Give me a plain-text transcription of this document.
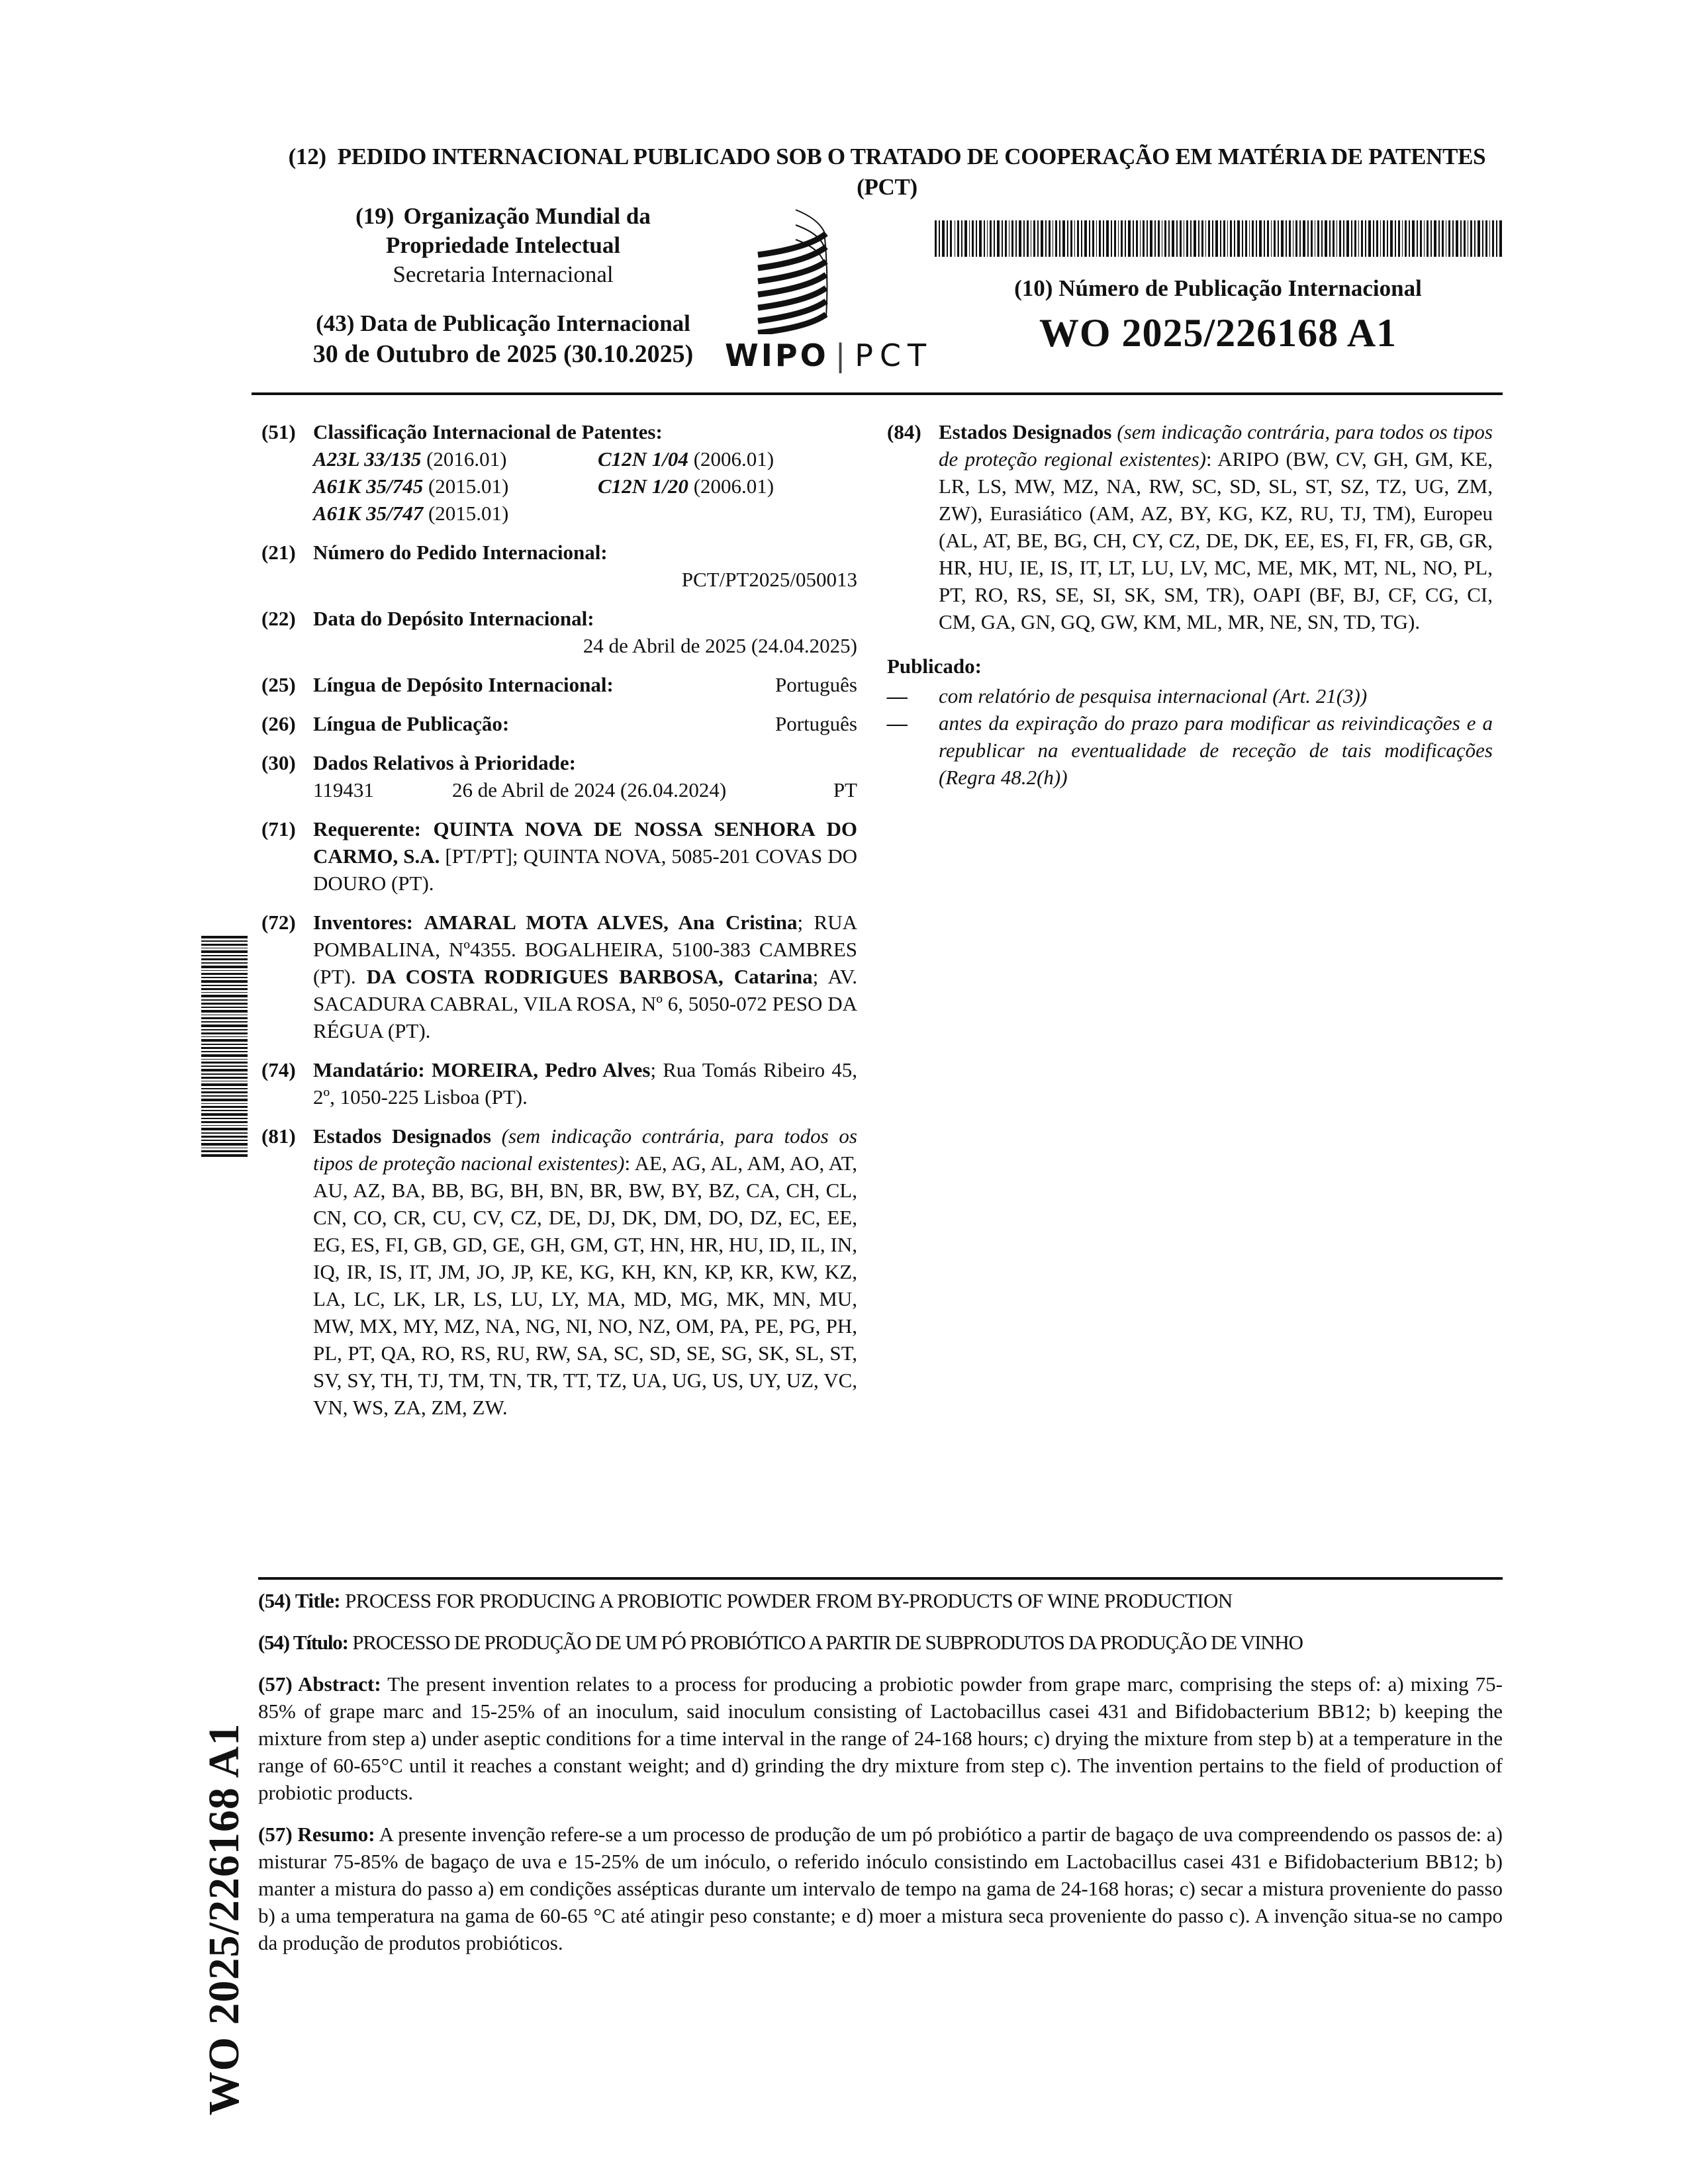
(12) PEDIDO INTERNACIONAL PUBLICADO SOB O TRATADO DE COOPERAÇÃO EM MATÉRIA DE PATENTES (PCT)
(19) Organização Mundial da
Propriedade Intelectual
Secretaria Internacional
(43) Data de Publicação Internacional
30 de Outubro de 2025 (30.10.2025)	WIPO | PCT
(10) Número de Publicação Internacional
WO 2025/226168 A1
(51) Classificação Internacional de Patentes:
A23L 33/135 (2016.01)	C12N 1/04 (2006.01)
A61K 35/745 (2015.01)	C12N 1/20 (2006.01)
A61K 35/747 (2015.01)
(21) Número do Pedido Internacional:
PCT/PT2025/050013
(22) Data do Depósito Internacional:
24 de Abril de 2025 (24.04.2025)
(25) Língua de Depósito Internacional:	Português
(26) Língua de Publicação:	Português
(30) Dados Relativos à Prioridade:
119431	26 de Abril de 2024 (26.04.2024)	PT
(71) Requerente: QUINTA NOVA DE NOSSA SENHORA DO CARMO, S.A. [PT/PT]; QUINTA NOVA, 5085-201 COVAS DO DOURO (PT).
(72) Inventores: AMARAL MOTA ALVES, Ana Cristina; RUA POMBALINA, Nº4355. BOGALHEIRA, 5100-383 CAMBRES (PT). DA COSTA RODRIGUES BARBOSA, Catarina; AV. SACADURA CABRAL, VILA ROSA, Nº 6, 5050-072 PESO DA RÉGUA (PT).
(74) Mandatário: MOREIRA, Pedro Alves; Rua Tomás Ribeiro 45, 2º, 1050-225 Lisboa (PT).
(81) Estados Designados (sem indicação contrária, para todos os tipos de proteção nacional existentes): AE, AG, AL, AM, AO, AT, AU, AZ, BA, BB, BG, BH, BN, BR, BW, BY, BZ, CA, CH, CL, CN, CO, CR, CU, CV, CZ, DE, DJ, DK, DM, DO, DZ, EC, EE, EG, ES, FI, GB, GD, GE, GH, GM, GT, HN, HR, HU, ID, IL, IN, IQ, IR, IS, IT, JM, JO, JP, KE, KG, KH, KN, KP, KR, KW, KZ, LA, LC, LK, LR, LS, LU, LY, MA, MD, MG, MK, MN, MU, MW, MX, MY, MZ, NA, NG, NI, NO, NZ, OM, PA, PE, PG, PH, PL, PT, QA, RO, RS, RU, RW, SA, SC, SD, SE, SG, SK, SL, ST, SV, SY, TH, TJ, TM, TN, TR, TT, TZ, UA, UG, US, UY, UZ, VC, VN, WS, ZA, ZM, ZW.
(84) Estados Designados (sem indicação contrária, para todos os tipos de proteção regional existentes): ARIPO (BW, CV, GH, GM, KE, LR, LS, MW, MZ, NA, RW, SC, SD, SL, ST, SZ, TZ, UG, ZM, ZW), Eurasiático (AM, AZ, BY, KG, KZ, RU, TJ, TM), Europeu (AL, AT, BE, BG, CH, CY, CZ, DE, DK, EE, ES, FI, FR, GB, GR, HR, HU, IE, IS, IT, LT, LU, LV, MC, ME, MK, MT, NL, NO, PL, PT, RO, RS, SE, SI, SK, SM, TR), OAPI (BF, BJ, CF, CG, CI, CM, GA, GN, GQ, GW, KM, ML, MR, NE, SN, TD, TG).
Publicado:
— com relatório de pesquisa internacional (Art. 21(3))
— antes da expiração do prazo para modificar as reivindicações e a republicar na eventualidade de receção de tais modificações (Regra 48.2(h))
WO 2025/226168 A1
(54) Title: PROCESS FOR PRODUCING A PROBIOTIC POWDER FROM BY-PRODUCTS OF WINE PRODUCTION
(54) Título: PROCESSO DE PRODUÇÃO DE UM PÓ PROBIÓTICO A PARTIR DE SUBPRODUTOS DA PRODUÇÃO DE VINHO
(57) Abstract: The present invention relates to a process for producing a probiotic powder from grape marc, comprising the steps of: a) mixing 75-85% of grape marc and 15-25% of an inoculum, said inoculum consisting of Lactobacillus casei 431 and Bifidobacterium BB12; b) keeping the mixture from step a) under aseptic conditions for a time interval in the range of 24-168 hours; c) drying the mixture from step b) at a temperature in the range of 60-65°C until it reaches a constant weight; and d) grinding the dry mixture from step c). The invention pertains to the field of production of probiotic products.
(57) Resumo: A presente invenção refere-se a um processo de produção de um pó probiótico a partir de bagaço de uva compreendendo os passos de: a) misturar 75-85% de bagaço de uva e 15-25% de um inóculo, o referido inóculo consistindo em Lactobacillus casei 431 e Bifidobacterium BB12; b) manter a mistura do passo a) em condições assépticas durante um intervalo de tempo na gama de 24-168 horas; c) secar a mistura proveniente do passo b) a uma temperatura na gama de 60-65 °C até atingir peso constante; e d) moer a mistura seca proveniente do passo c). A invenção situa-se no campo da produção de produtos probióticos.
